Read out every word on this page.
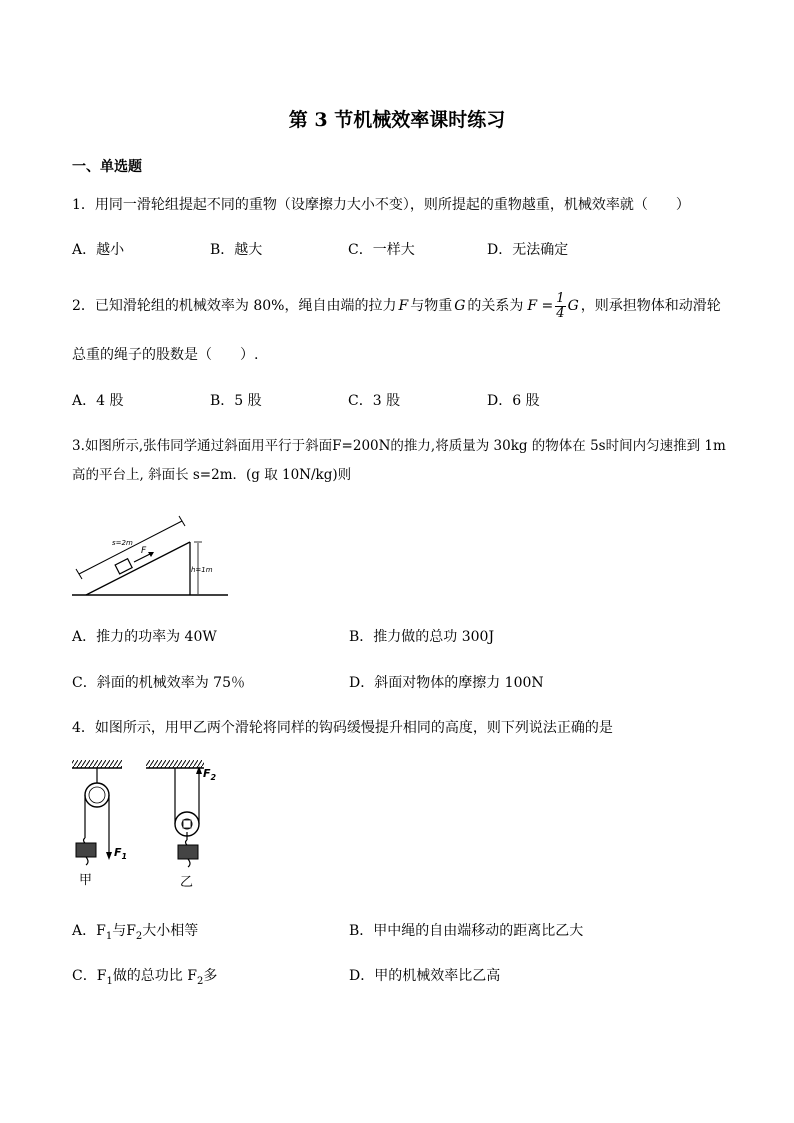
第 3 节机械效率课时练习
一、单选题
1．用同一滑轮组提起不同的重物（设摩擦力大小不变），则所提起的重物越重，机械效率就（　　）
A．越小	B．越大	C．一样大	D．无法确定
2．已知滑轮组的机械效率为 80%，绳自由端的拉力 F 与物重 G 的关系为 $F = \frac{1}{4}$ G ，则承担物体和动滑轮
总重的绳子的股数是（　　）.
A．4 股	B．5 股	C．3 股	D．6 股
3.如图所示,张伟同学通过斜面用平行于斜面F=200N的推力,将质量为 30kg 的物体在 5s时间内匀速推到 1m
高的平台上, 斜面长 s=2m．(g 取 10N/kg)则
F
s=2m
h=1m
A．推力的功率为 40W	B．推力做的总功 300J
C．斜面的机械效率为 75％	D．斜面对物体的摩擦力 100N
4．如图所示，用甲乙两个滑轮将同样的钩码缓慢提升相同的高度，则下列说法正确的是
$F_1$
甲
$F_2$
乙
A．$F_1$与$F_2$大小相等	B．甲中绳的自由端移动的距离比乙大
C．$F_1$做的总功比 $F_2$多	D．甲的机械效率比乙高
